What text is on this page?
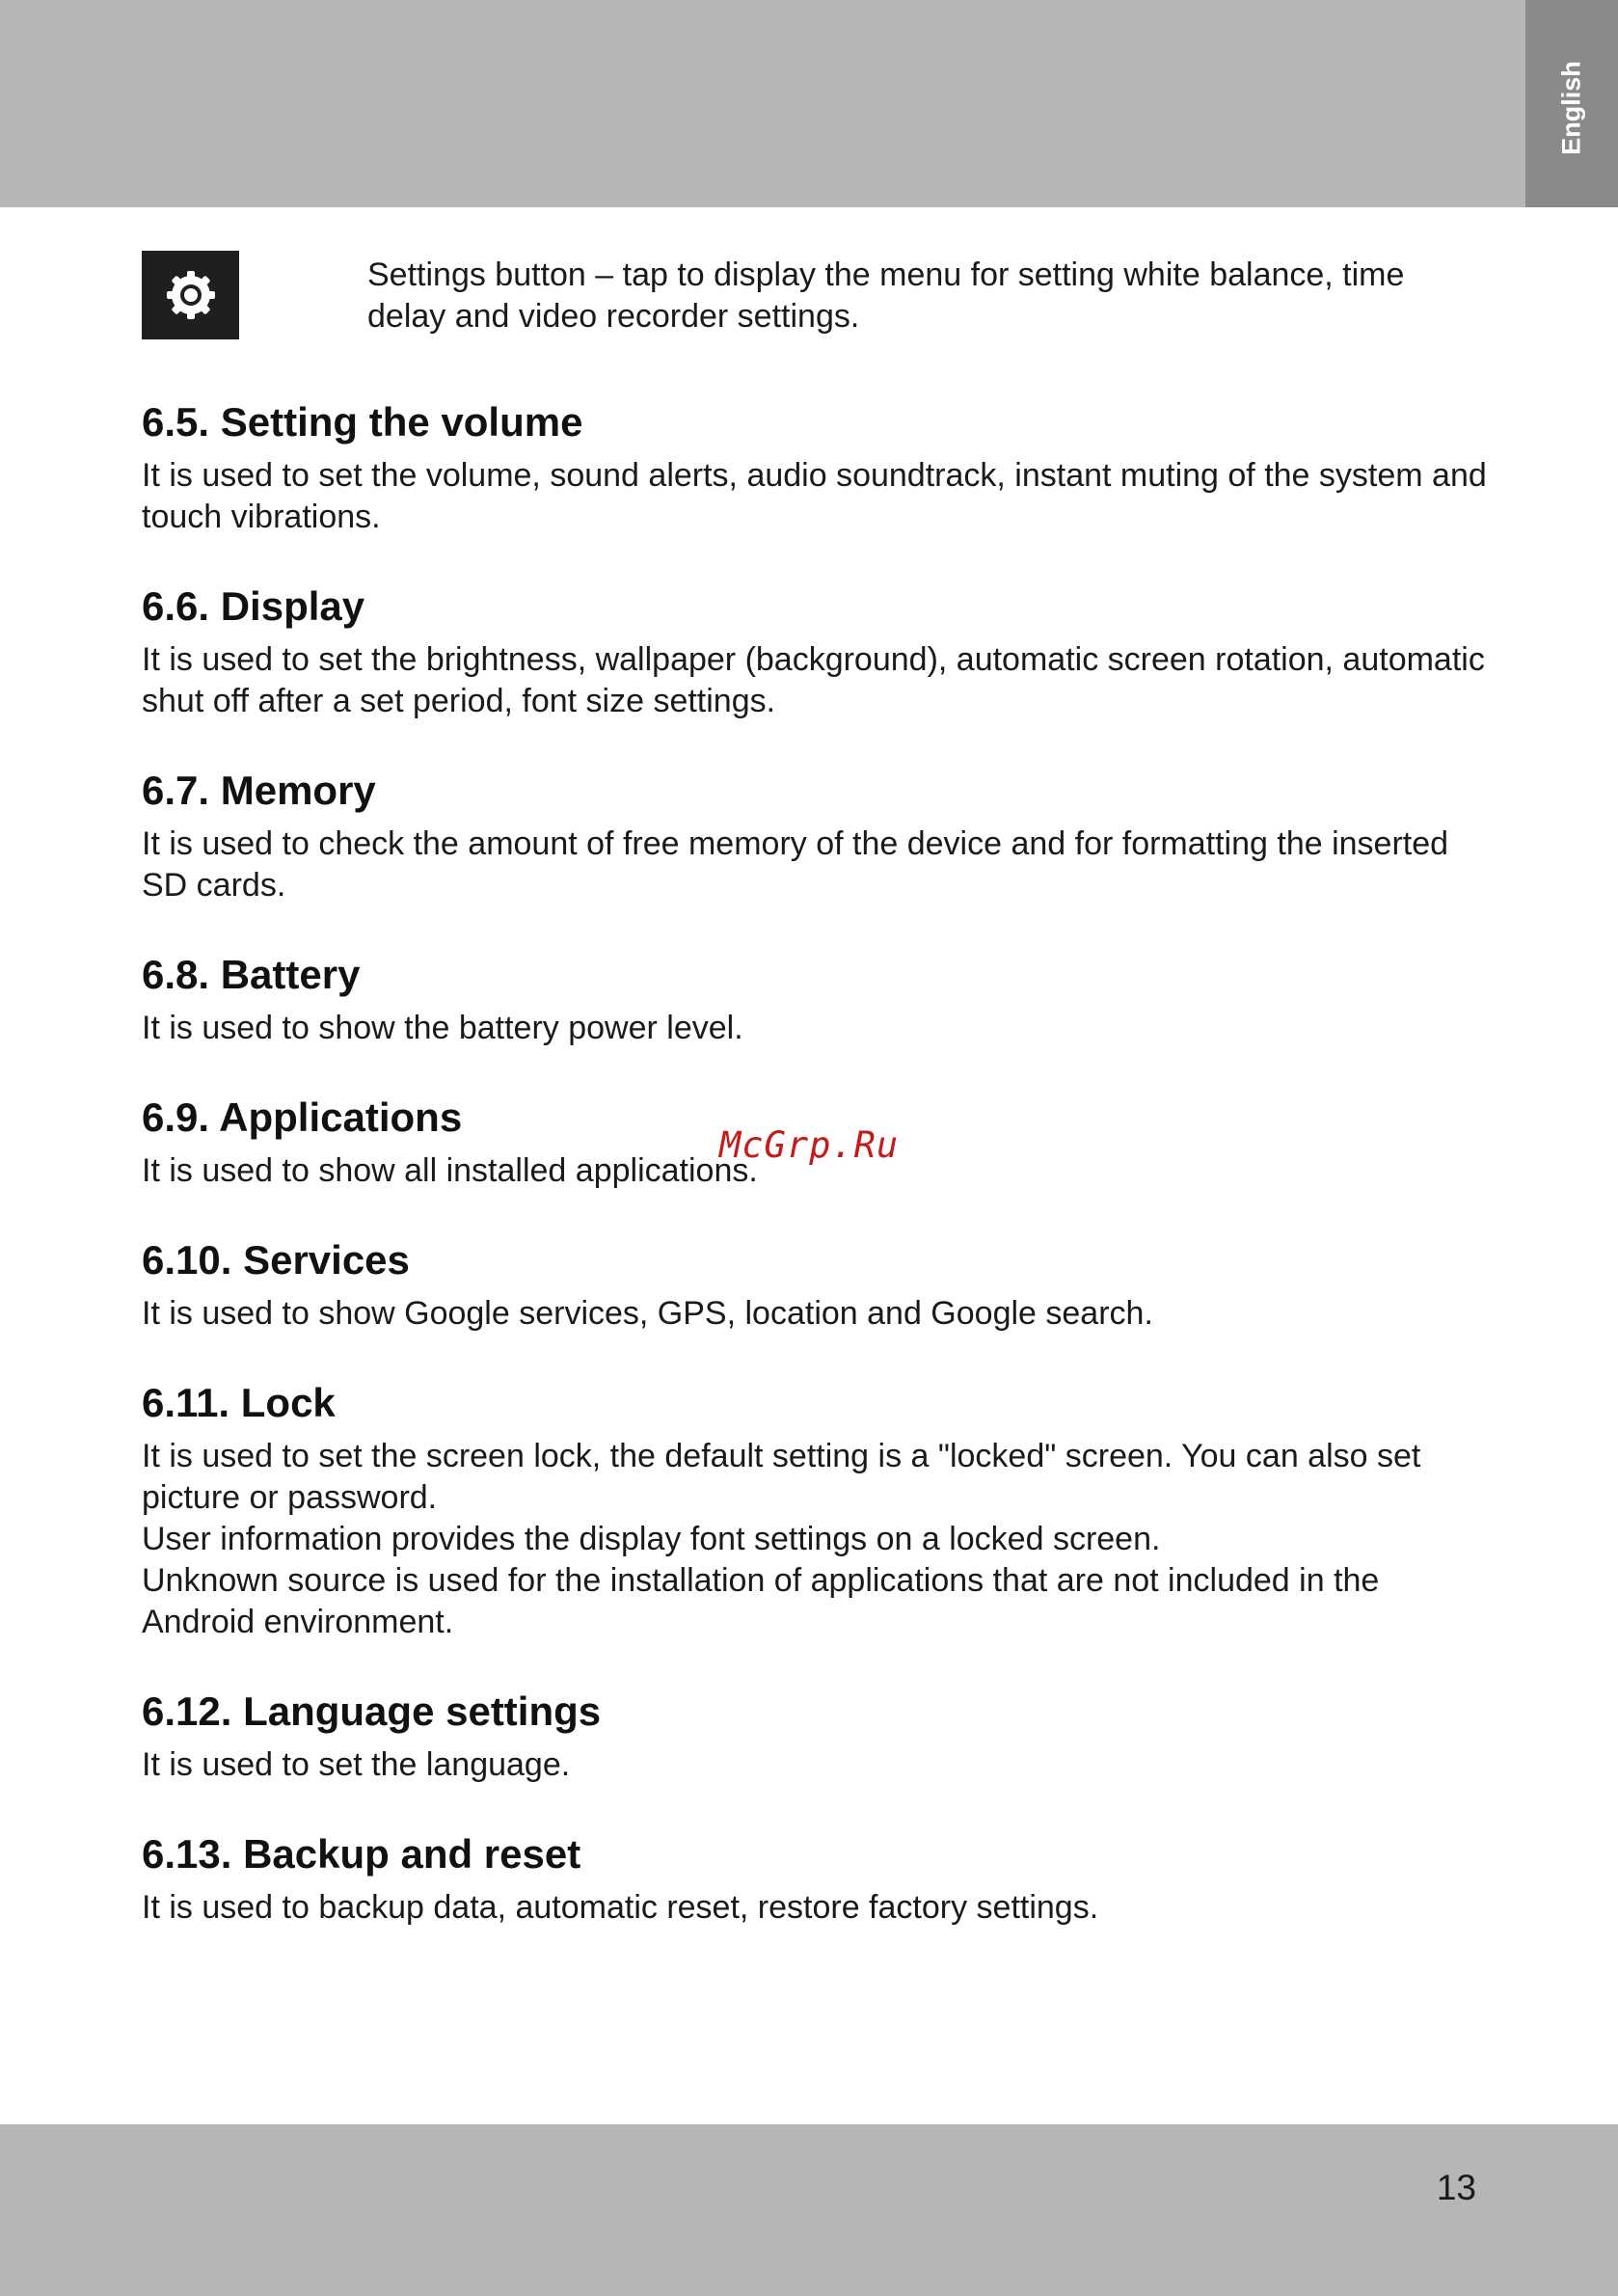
English
Settings button – tap to display the menu for setting white balance, time delay and video recorder settings.
6.5. Setting the volume
It is used to set the volume, sound alerts, audio soundtrack, instant muting of the system and touch vibrations.
6.6. Display
It is used to set the brightness, wallpaper (background), automatic screen rotation, automatic shut off after a set period, font size settings.
6.7. Memory
It is used to check the amount of free memory of the device and for formatting the inserted SD cards.
6.8. Battery
It is used to show the battery power level.
6.9. Applications
It is used to show all installed applications.
6.10. Services
It is used to show Google services, GPS, location and Google search.
6.11. Lock
It is used to set the screen lock, the default setting is a "locked" screen. You can also set picture or password.
User information provides the display font settings on a locked screen.
Unknown source is used for the installation of applications that are not included in the Android environment.
6.12. Language settings
It is used to set the language.
6.13. Backup and reset
It is used to backup data, automatic reset, restore factory settings.
McGrp.Ru
13
